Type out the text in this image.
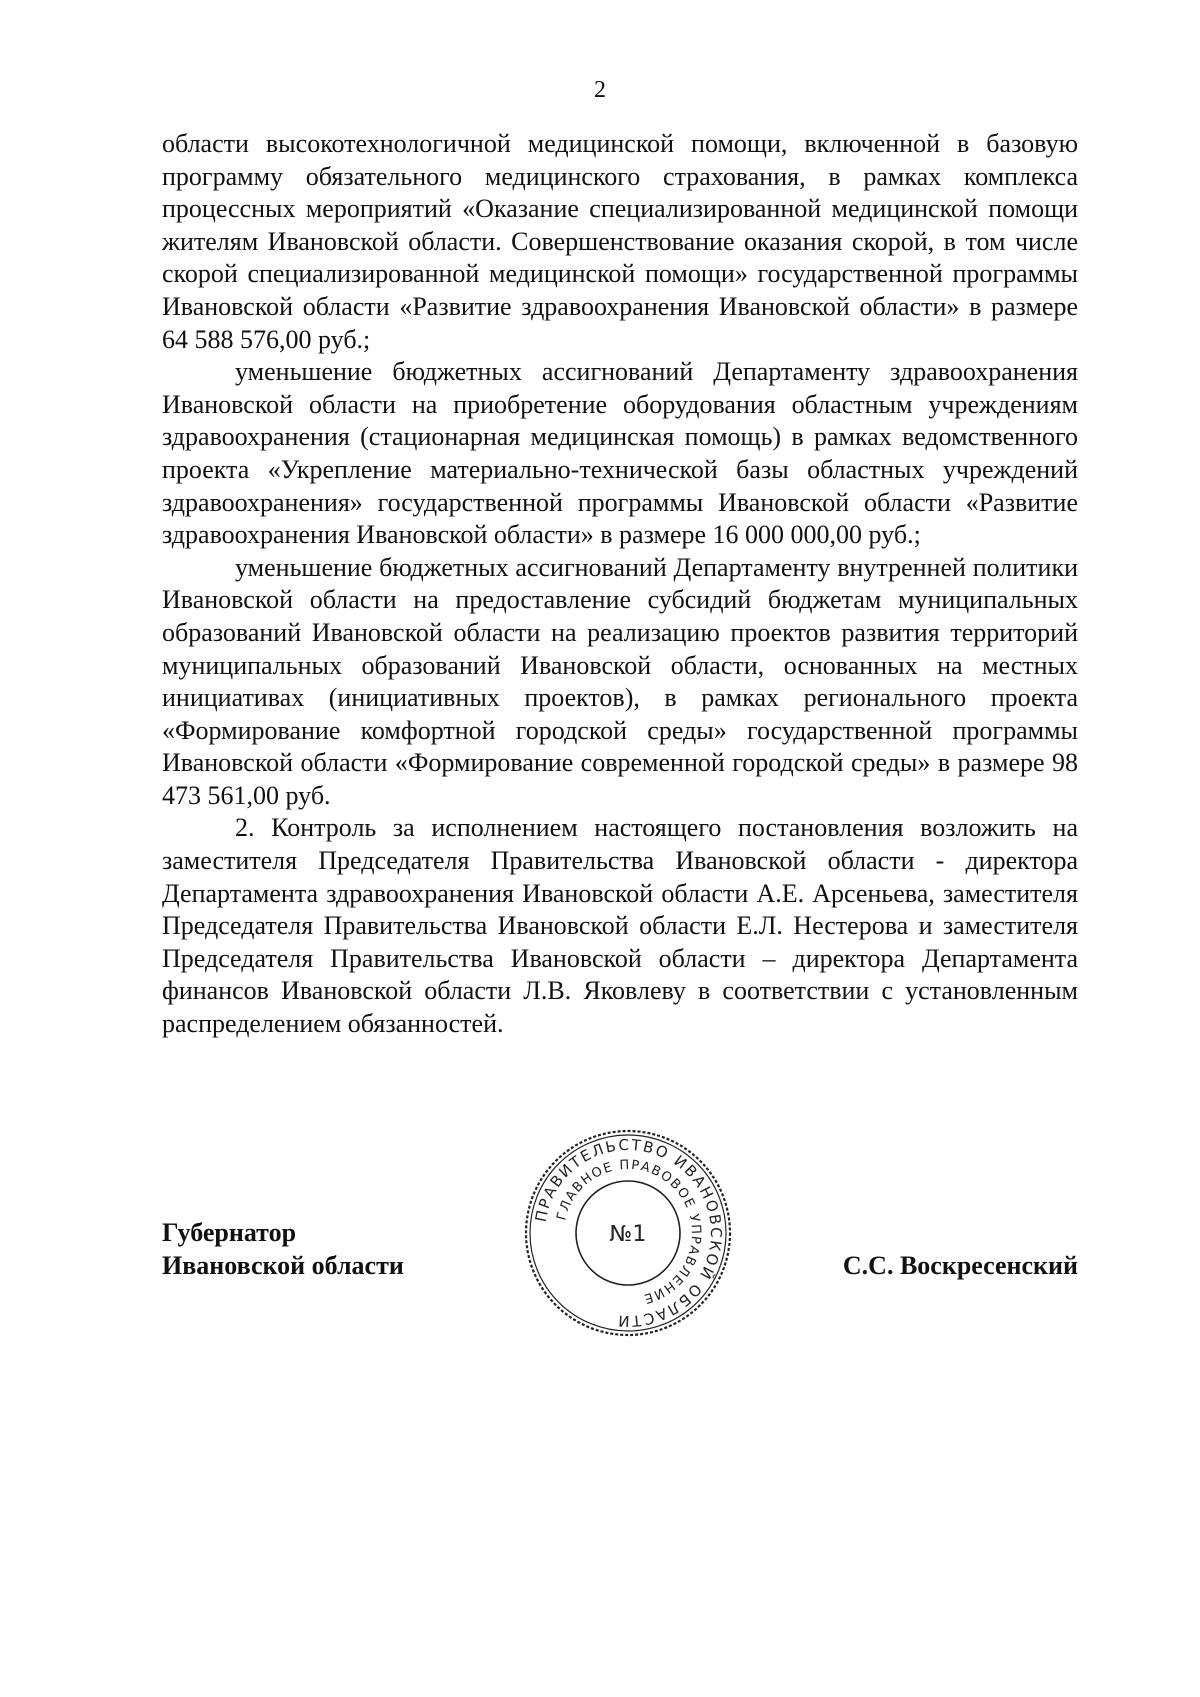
2

области высокотехнологичной медицинской помощи, включенной в базовую программу обязательного медицинского страхования, в рамках комплекса процессных мероприятий «Оказание специализированной медицинской помощи жителям Ивановской области. Совершенствование оказания скорой, в том числе скорой специализированной медицинской помощи» государственной программы Ивановской области «Развитие здравоохранения Ивановской области» в размере 64 588 576,00 руб.;

уменьшение бюджетных ассигнований Департаменту здравоохранения Ивановской области на приобретение оборудования областным учреждениям здравоохранения (стационарная медицинская помощь) в рамках ведомственного проекта «Укрепление материально-технической базы областных учреждений здравоохранения» государственной программы Ивановской области «Развитие здравоохранения Ивановской области» в размере 16 000 000,00 руб.;

уменьшение бюджетных ассигнований Департаменту внутренней политики Ивановской области на предоставление субсидий бюджетам муниципальных образований Ивановской области на реализацию проектов развития территорий муниципальных образований Ивановской области, основанных на местных инициативах (инициативных проектов), в рамках регионального проекта «Формирование комфортной городской среды» государственной программы Ивановской области «Формирование современной городской среды» в размере 98 473 561,00 руб.

2. Контроль за исполнением настоящего постановления возложить на заместителя Председателя Правительства Ивановской области - директора Департамента здравоохранения Ивановской области А.Е. Арсеньева, заместителя Председателя Правительства Ивановской области Е.Л. Нестерова и заместителя Председателя Правительства Ивановской области – директора Департамента финансов Ивановской области Л.В. Яковлеву в соответствии с установленным распределением обязанностей.

Губернатор
Ивановской области
ПРАВИТЕЛЬСТВО ИВАНОВСКОЙ ОБЛАСТИ
ГЛАВНОЕ ПРАВОВОЕ УПРАВЛЕНИЕ
№1
С.С. Воскресенский
